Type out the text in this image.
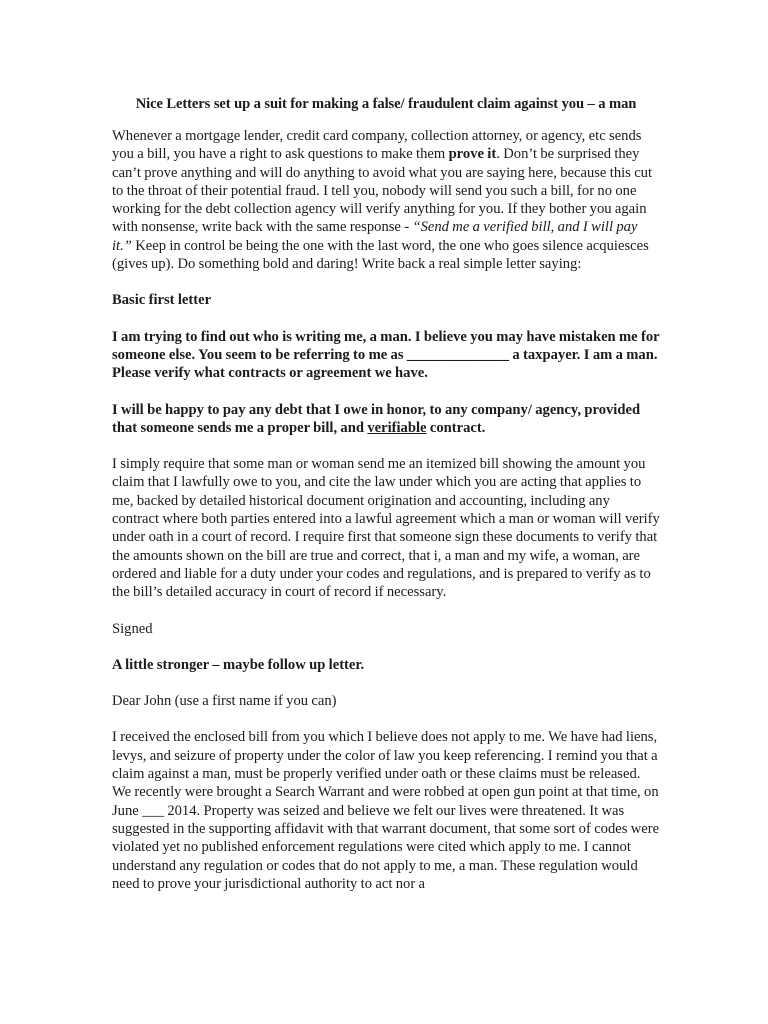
Nice Letters set up a suit for making a false/ fraudulent claim against you – a man

Whenever a mortgage lender, credit card company, collection attorney, or agency, etc sends you a bill, you have a right to ask questions to make them prove it. Don’t be surprised they can’t prove anything and will do anything to avoid what you are saying here, because this cut to the throat of their potential fraud. I tell you, nobody will send you such a bill, for no one working for the debt collection agency will verify anything for you. If they bother you again with nonsense, write back with the same response - “Send me a verified bill, and I will pay it.” Keep in control be being the one with the last word, the one who goes silence acquiesces (gives up). Do something bold and daring! Write back a real simple letter saying:

Basic first letter

I am trying to find out who is writing me, a man. I believe you may have mistaken me for someone else. You seem to be referring to me as ______________ a taxpayer. I am a man. Please verify what contracts or agreement we have.

I will be happy to pay any debt that I owe in honor, to any company/ agency, provided that someone sends me a proper bill, and verifiable contract.

I simply require that some man or woman send me an itemized bill showing the amount you claim that I lawfully owe to you, and cite the law under which you are acting that applies to me, backed by detailed historical document origination and accounting, including any contract where both parties entered into a lawful agreement which a man or woman will verify under oath in a court of record. I require first that someone sign these documents to verify that the amounts shown on the bill are true and correct, that i, a man and my wife, a woman, are ordered and liable for a duty under your codes and regulations, and is prepared to verify as to the bill’s detailed accuracy in court of record if necessary.

Signed

A little stronger – maybe follow up letter.

Dear John (use a first name if you can)

I received the enclosed bill from you which I believe does not apply to me. We have had liens, levys, and seizure of property under the color of law you keep referencing. I remind you that a claim against a man, must be properly verified under oath or these claims must be released. We recently were brought a Search Warrant and were robbed at open gun point at that time, on June ___ 2014. Property was seized and believe we felt our lives were threatened. It was suggested in the supporting affidavit with that warrant document, that some sort of codes were violated yet no published enforcement regulations were cited which apply to me. I cannot understand any regulation or codes that do not apply to me, a man. These regulation would need to prove your jurisdictional authority to act nor a
